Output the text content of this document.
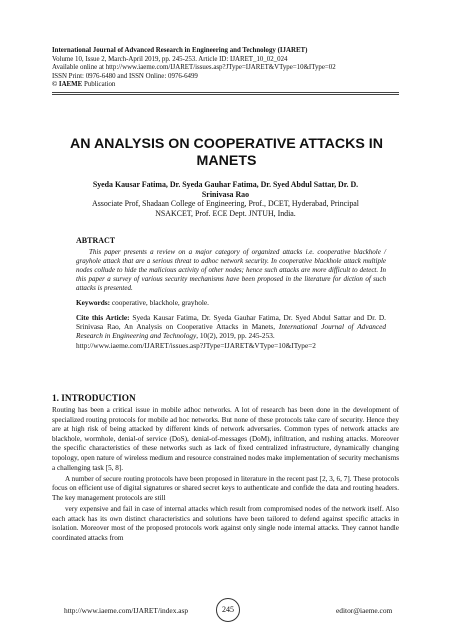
International Journal of Advanced Research in Engineering and Technology (IJARET)
Volume 10, Issue 2, March-April 2019, pp. 245-253. Article ID: IJARET_10_02_024
Available online at http://www.iaeme.com/IJARET/issues.asp?JType=IJARET&VType=10&IType=02
ISSN Print: 0976-6480 and ISSN Online: 0976-6499
© IAEME Publication
AN ANALYSIS ON COOPERATIVE ATTACKS IN
MANETS
Syeda Kausar Fatima, Dr. Syeda Gauhar Fatima, Dr. Syed Abdul Sattar, Dr. D.
Srinivasa Rao
Associate Prof, Shadaan College of Engineering, Prof., DCET, Hyderabad, Principal
NSAKCET, Prof. ECE Dept. JNTUH, India.
ABTRACT

This paper presents a review on a major category of organized attacks i.e. cooperative blackhole / grayhole attack that are a serious threat to adhoc network security. In cooperative blackhole attack multiple nodes collude to hide the malicious activity of other nodes; hence such attacks are more difficult to detect. In this paper a survey of various security mechanisms have been proposed in the literature for diction of such attacks is presented.

Keywords: cooperative, blackhole, grayhole.

Cite this Article: Syeda Kausar Fatima, Dr. Syeda Gauhar Fatima, Dr. Syed Abdul Sattar and Dr. D. Srinivasa Rao, An Analysis on Cooperative Attacks in Manets, International Journal of Advanced Research in Engineering and Technology, 10(2), 2019, pp. 245-253.
http://www.iaeme.com/IJARET/issues.asp?JType=IJARET&VType=10&IType=2

1. INTRODUCTION

Routing has been a critical issue in mobile adhoc networks. A lot of research has been done in the development of specialized routing protocols for mobile ad hoc networks. But none of these protocols take care of security. Hence they are at high risk of being attacked by different kinds of network adversaries. Common types of network attacks are blackhole, wormhole, denial-of service (DoS), denial-of-messages (DoM), infiltration, and rushing attacks. Moreover the specific characteristics of these networks such as lack of fixed centralized infrastructure, dynamically changing topology, open nature of wireless medium and resource constrained nodes make implementation of security mechanisms a challenging task [5, 8].

A number of secure routing protocols have been proposed in literature in the recent past [2, 3, 6, 7]. These protocols focus on efficient use of digital signatures or shared secret keys to authenticate and confide the data and routing headers. The key management protocols are still

very expensive and fail in case of internal attacks which result from compromised nodes of the network itself. Also each attack has its own distinct characteristics and solutions have been tailored to defend against specific attacks in isolation. Moreover most of the proposed protocols work against only single node internal attacks. They cannot handle coordinated attacks from

http://www.iaeme.com/IJARET/index.asp	245	editor@iaeme.com
